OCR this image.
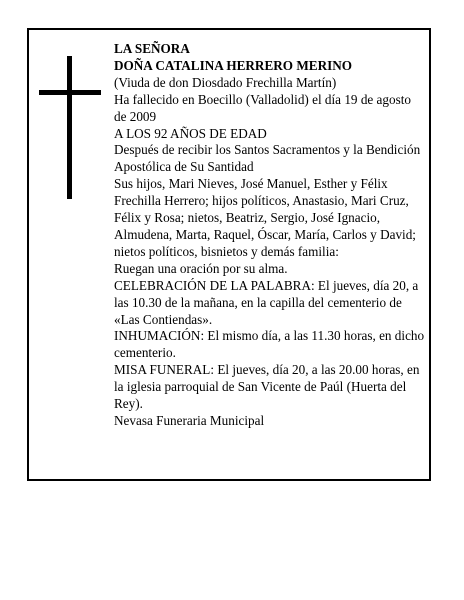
LA SEÑORA

DOÑA CATALINA HERRERO MERINO

(Viuda de don Diosdado Frechilla Martín)

Ha fallecido en Boecillo (Valladolid) el día 19 de agosto de 2009

A LOS 92 AÑOS DE EDAD

Después de recibir los Santos Sacramentos y la Bendición Apostólica de Su Santidad

Sus hijos, Mari Nieves, José Manuel, Esther y Félix Frechilla Herrero; hijos políticos, Anastasio, Mari Cruz, Félix y Rosa; nietos, Beatriz, Sergio, José Ignacio, Almudena, Marta, Raquel, Óscar, María, Carlos y David; nietos políticos, bisnietos y demás familia:

Ruegan una oración por su alma.

CELEBRACIÓN DE LA PALABRA: El jueves, día 20, a las 10.30 de la mañana, en la capilla del cementerio de «Las Contiendas».

INHUMACIÓN: El mismo día, a las 11.30 horas, en dicho cementerio.

MISA FUNERAL: El jueves, día 20, a las 20.00 horas, en la iglesia parroquial de San Vicente de Paúl (Huerta del Rey).

Nevasa Funeraria Municipal
